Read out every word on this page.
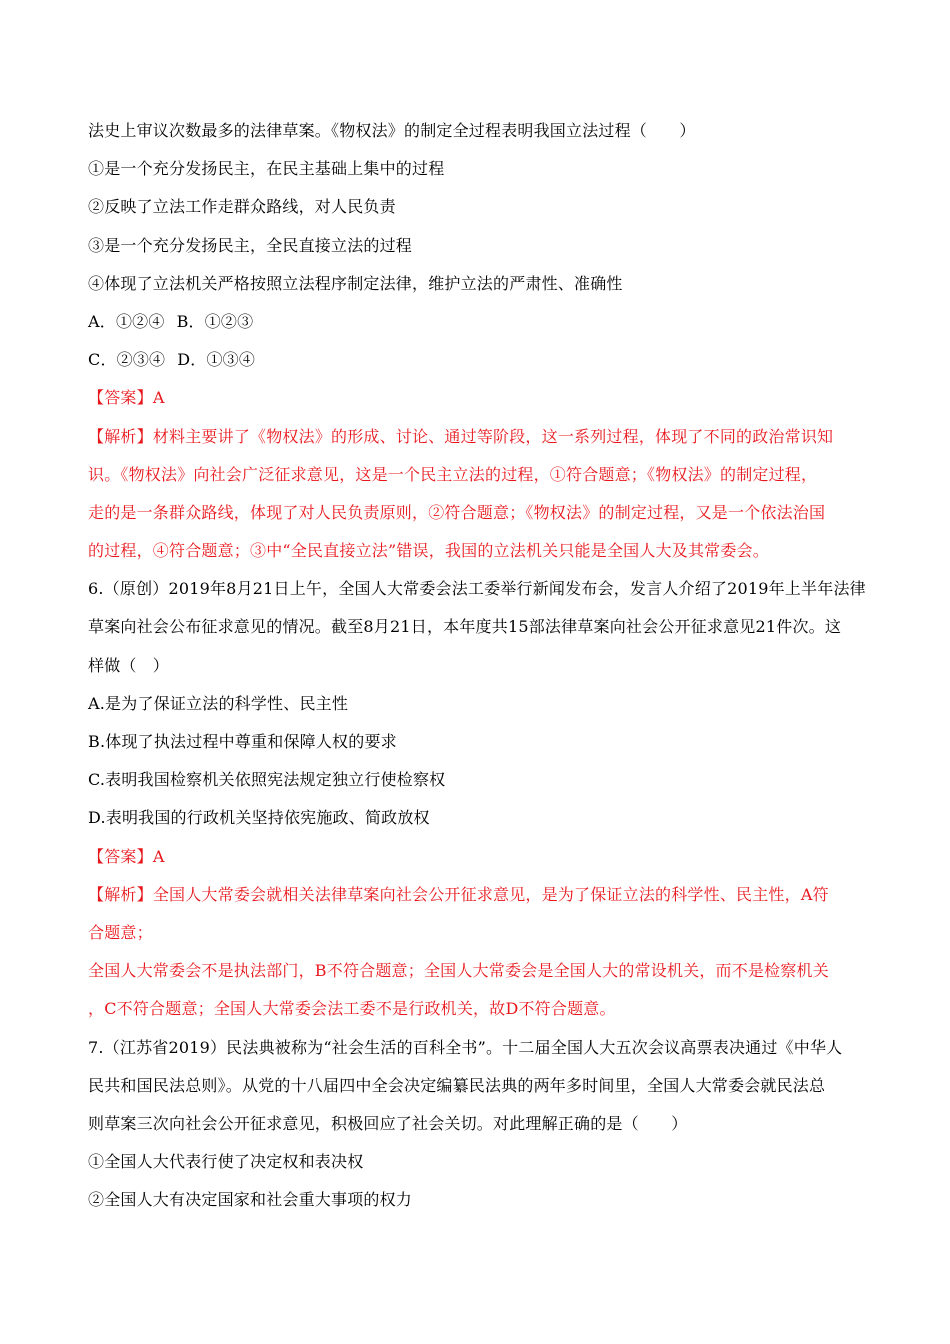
法史上审议次数最多的法律草案。《物权法》的制定全过程表明我国立法过程（　　）
①是一个充分发扬民主，在民主基础上集中的过程
②反映了立法工作走群众路线，对人民负责
③是一个充分发扬民主，全民直接立法的过程
④体现了立法机关严格按照立法程序制定法律，维护立法的严肃性、准确性
A．①②④ B．①②③
C．②③④ D．①③④
【答案】A
【解析】材料主要讲了《物权法》的形成、讨论、通过等阶段，这一系列过程，体现了不同的政治常识知
识。《物权法》向社会广泛征求意见，这是一个民主立法的过程，①符合题意；《物权法》的制定过程，
走的是一条群众路线，体现了对人民负责原则，②符合题意；《物权法》的制定过程，又是一个依法治国
的过程，④符合题意；③中“全民直接立法”错误，我国的立法机关只能是全国人大及其常委会。
6.（原创）2019年8月21日上午，全国人大常委会法工委举行新闻发布会，发言人介绍了2019年上半年法律
草案向社会公布征求意见的情况。截至8月21日，本年度共15部法律草案向社会公开征求意见21件次。这
样做（　）
A.是为了保证立法的科学性、民主性
B.体现了执法过程中尊重和保障人权的要求
C.表明我国检察机关依照宪法规定独立行使检察权
D.表明我国的行政机关坚持依宪施政、简政放权
【答案】A
【解析】全国人大常委会就相关法律草案向社会公开征求意见，是为了保证立法的科学性、民主性，A符
合题意；
全国人大常委会不是执法部门，B不符合题意；全国人大常委会是全国人大的常设机关，而不是检察机关
，C不符合题意；全国人大常委会法工委不是行政机关，故D不符合题意。
7.（江苏省2019）民法典被称为“社会生活的百科全书”。十二届全国人大五次会议高票表决通过《中华人
民共和国民法总则》。从党的十八届四中全会决定编纂民法典的两年多时间里，全国人大常委会就民法总
则草案三次向社会公开征求意见，积极回应了社会关切。对此理解正确的是（　　）
①全国人大代表行使了决定权和表决权
②全国人大有决定国家和社会重大事项的权力
